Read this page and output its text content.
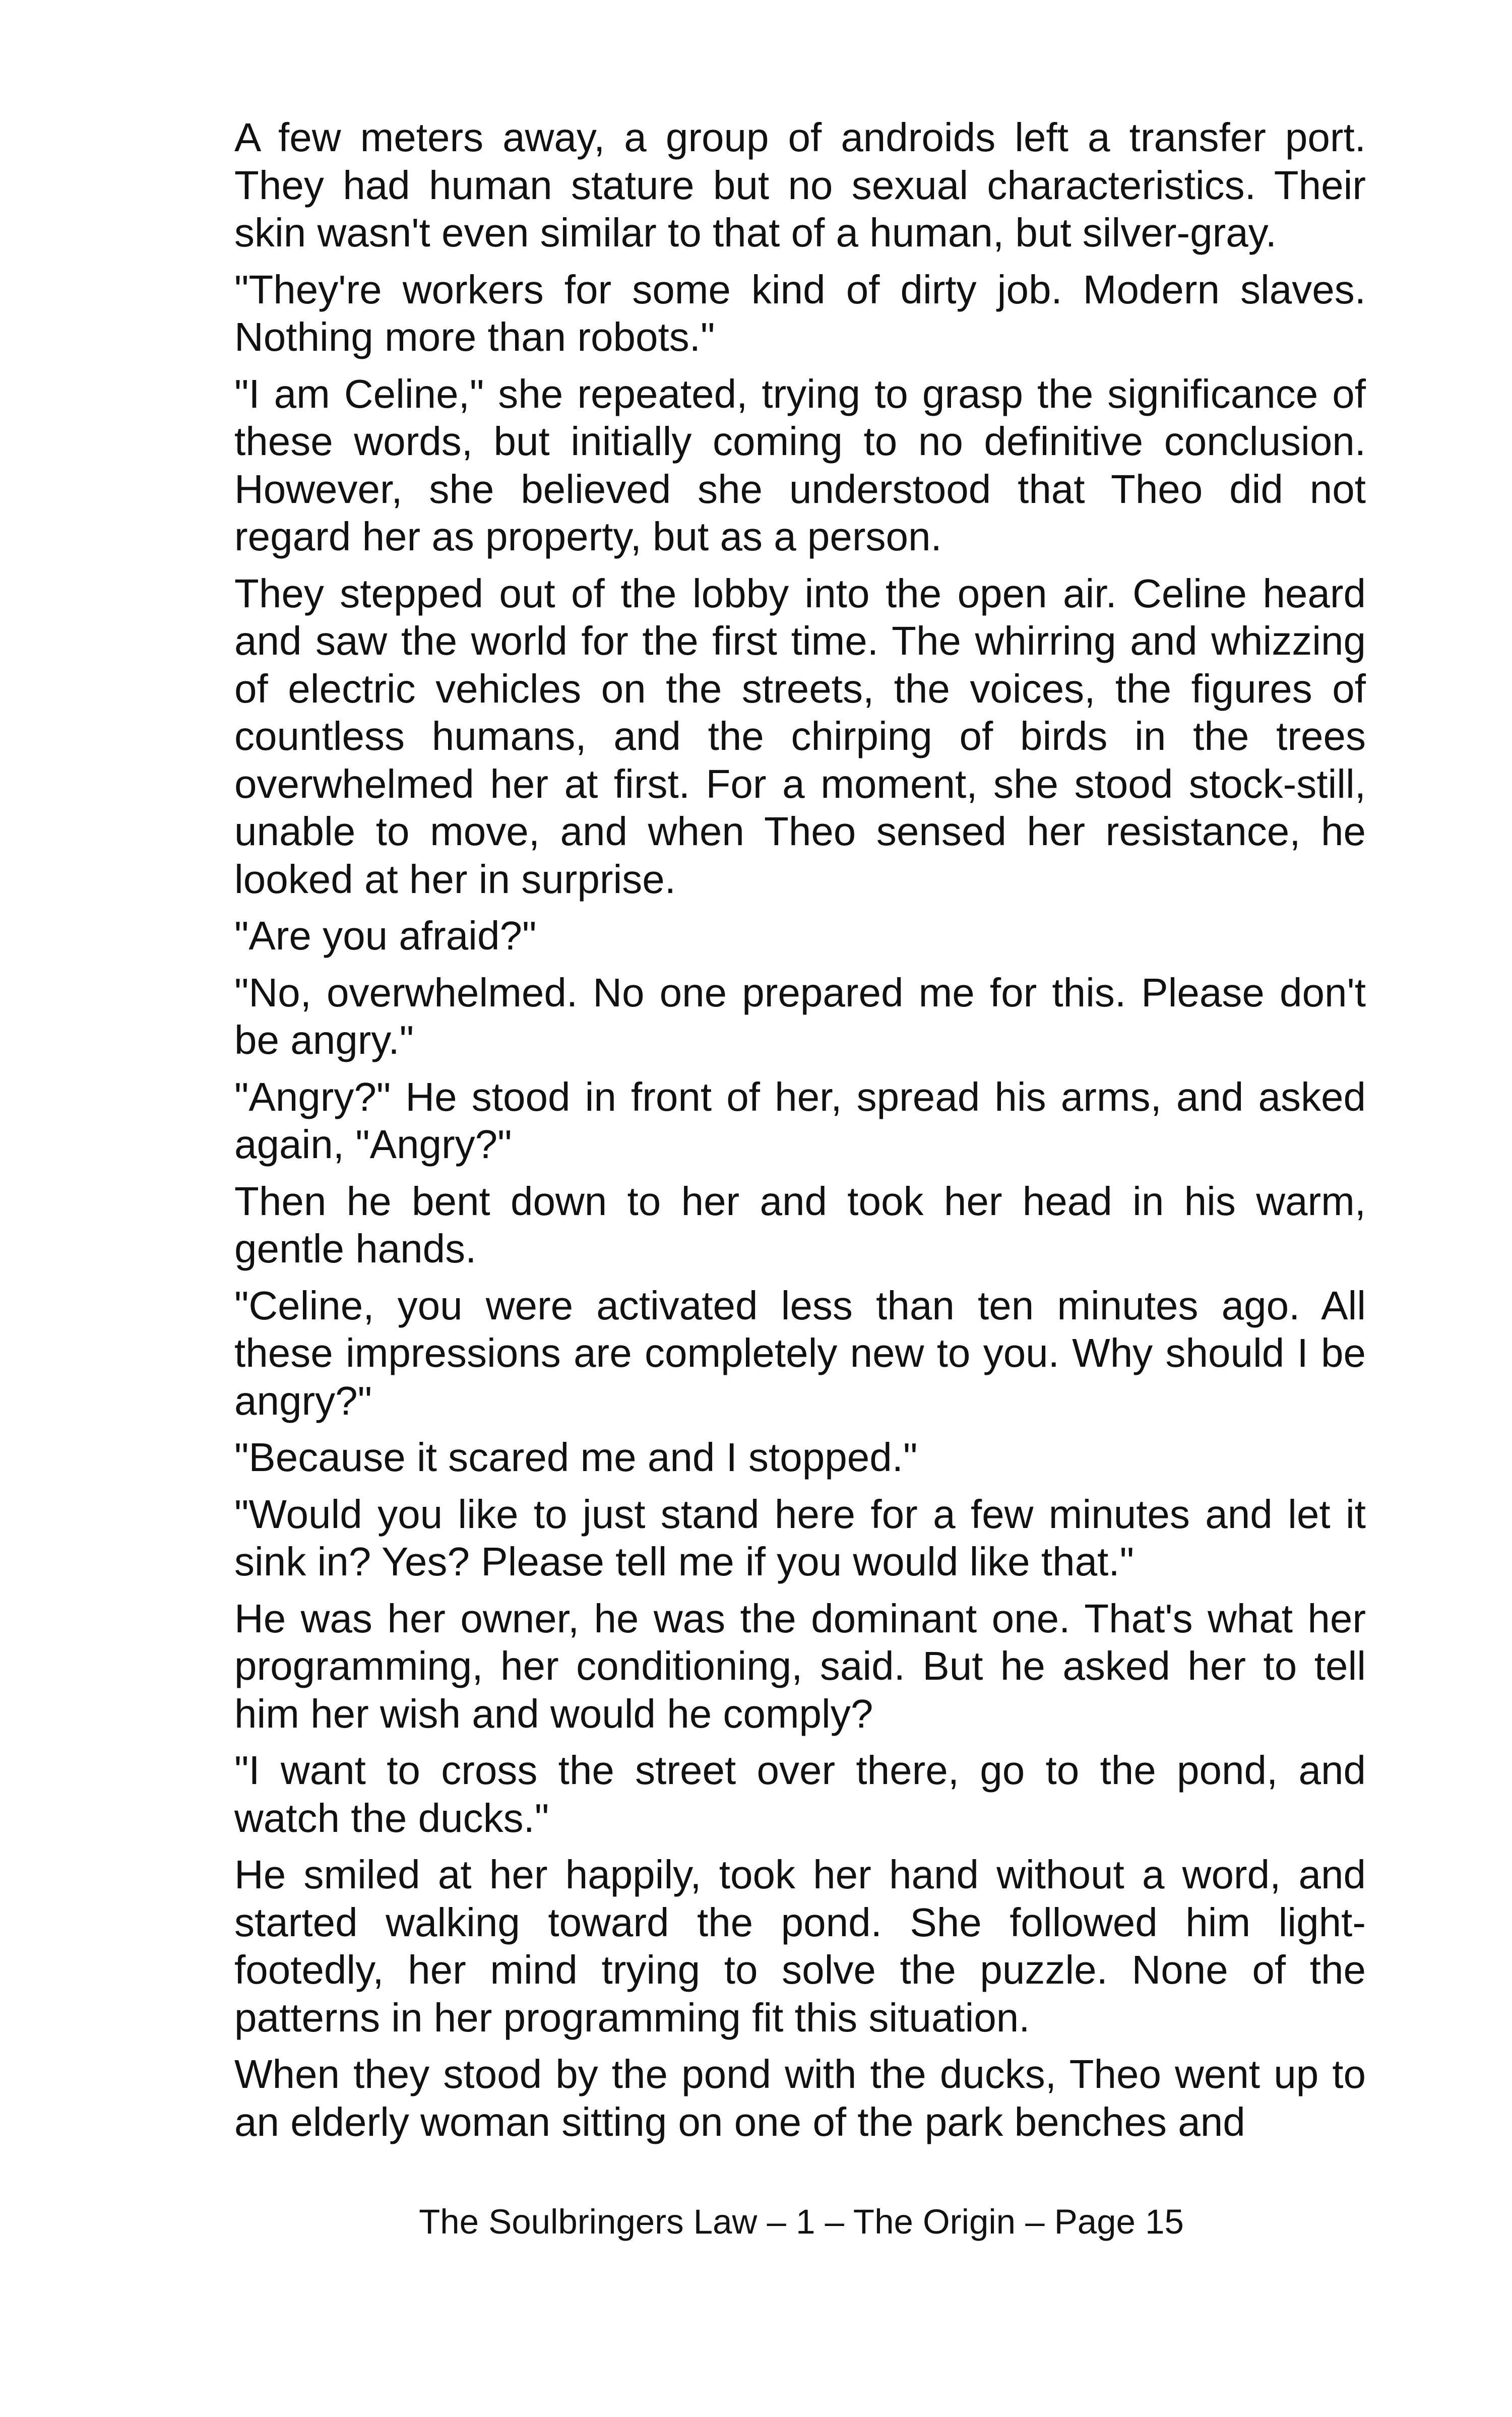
A few meters away, a group of androids left a transfer port. They had human stature but no sexual characteristics. Their skin wasn't even similar to that of a human, but silver-gray.

"They're workers for some kind of dirty job. Modern slaves. Nothing more than robots."

"I am Celine," she repeated, trying to grasp the significance of these words, but initially coming to no definitive conclusion. However, she believed she understood that Theo did not regard her as property, but as a person.

They stepped out of the lobby into the open air. Celine heard and saw the world for the first time. The whirring and whizzing of electric vehicles on the streets, the voices, the figures of countless humans, and the chirping of birds in the trees overwhelmed her at first. For a moment, she stood stock-still, unable to move, and when Theo sensed her resistance, he looked at her in surprise.

"Are you afraid?"

"No, overwhelmed. No one prepared me for this. Please don't be angry."

"Angry?" He stood in front of her, spread his arms, and asked again, "Angry?"

Then he bent down to her and took her head in his warm, gentle hands.

"Celine, you were activated less than ten minutes ago. All these impressions are completely new to you. Why should I be angry?"

"Because it scared me and I stopped."

"Would you like to just stand here for a few minutes and let it sink in? Yes? Please tell me if you would like that."

He was her owner, he was the dominant one. That's what her programming, her conditioning, said. But he asked her to tell him her wish and would he comply?

"I want to cross the street over there, go to the pond, and watch the ducks."

He smiled at her happily, took her hand without a word, and started walking toward the pond. She followed him light-footedly, her mind trying to solve the puzzle. None of the patterns in her programming fit this situation.

When they stood by the pond with the ducks, Theo went up to an elderly woman sitting on one of the park benches and

The Soulbringers Law – 1 – The Origin – Page 15
